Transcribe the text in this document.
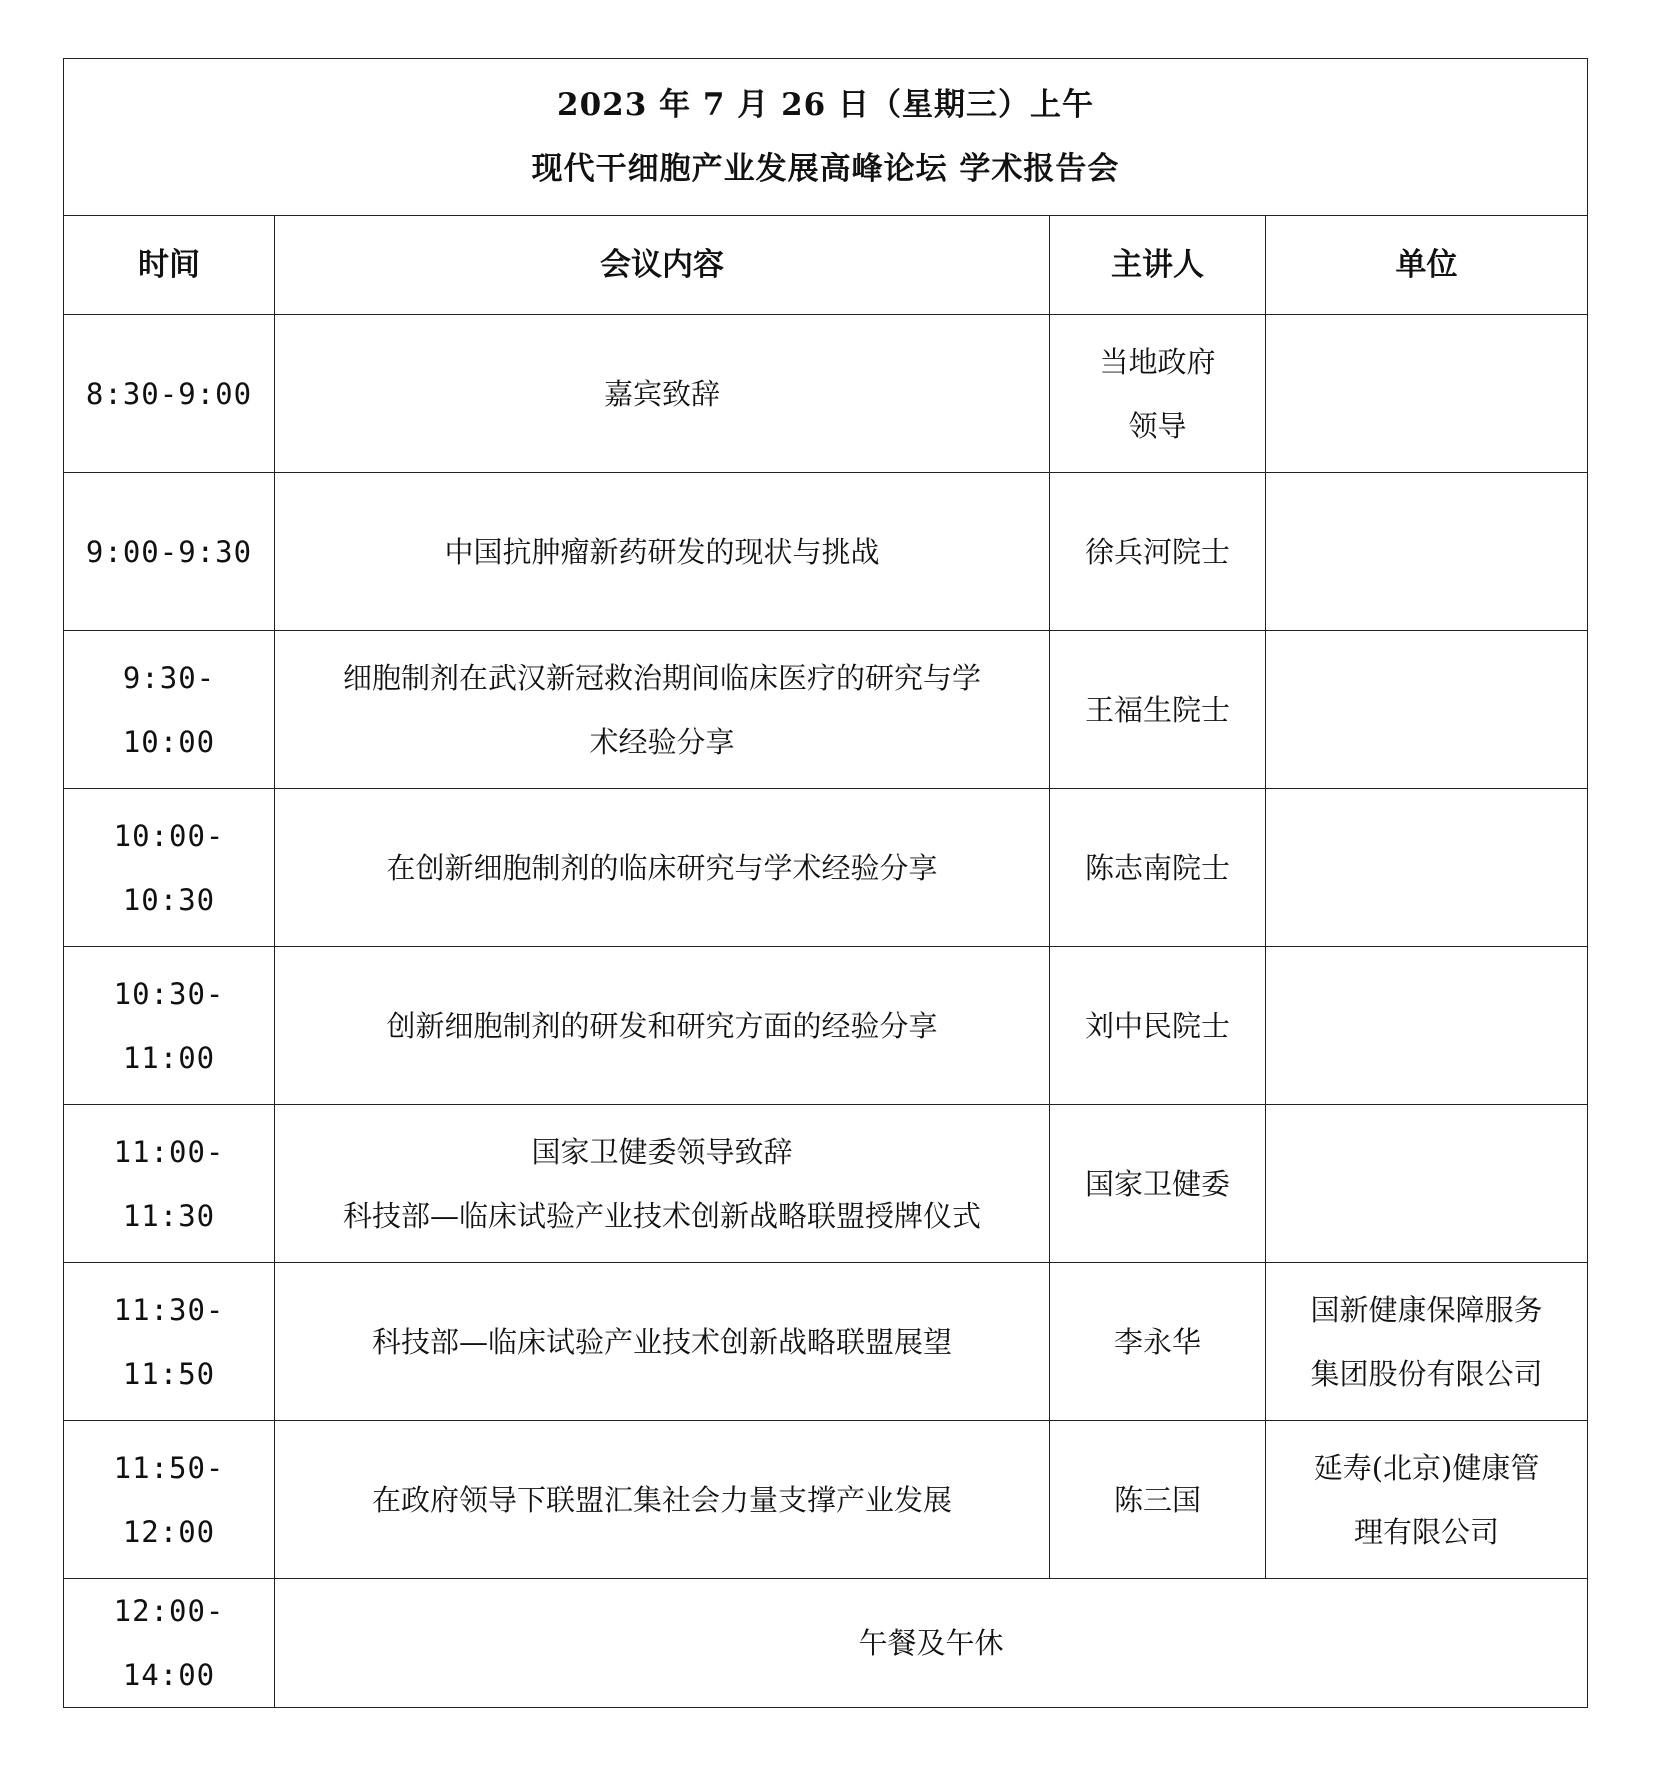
2023 年 7 月 26 日（星期三）上午
现代干细胞产业发展高峰论坛 学术报告会			

时间	会议内容	主讲人	单位
8:30-9:00	嘉宾致辞	当地政府
领导	

9:00-9:30	中国抗肿瘤新药研发的现状与挑战	徐兵河院士	

9:30-10:00	细胞制剂在武汉新冠救治期间临床医疗的研究与学
术经验分享	王福生院士	

10:00-10:30	在创新细胞制剂的临床研究与学术经验分享	陈志南院士	

10:30-11:00	创新细胞制剂的研发和研究方面的经验分享	刘中民院士	

11:00-11:30	国家卫健委领导致辞
科技部—临床试验产业技术创新战略联盟授牌仪式	国家卫健委	

11:30-11:50	科技部—临床试验产业技术创新战略联盟展望	李永华	国新健康保障服务
集团股份有限公司

11:50-12:00	在政府领导下联盟汇集社会力量支撑产业发展	陈三国	延寿(北京)健康管
理有限公司

12:00-14:00	午餐及午休		
